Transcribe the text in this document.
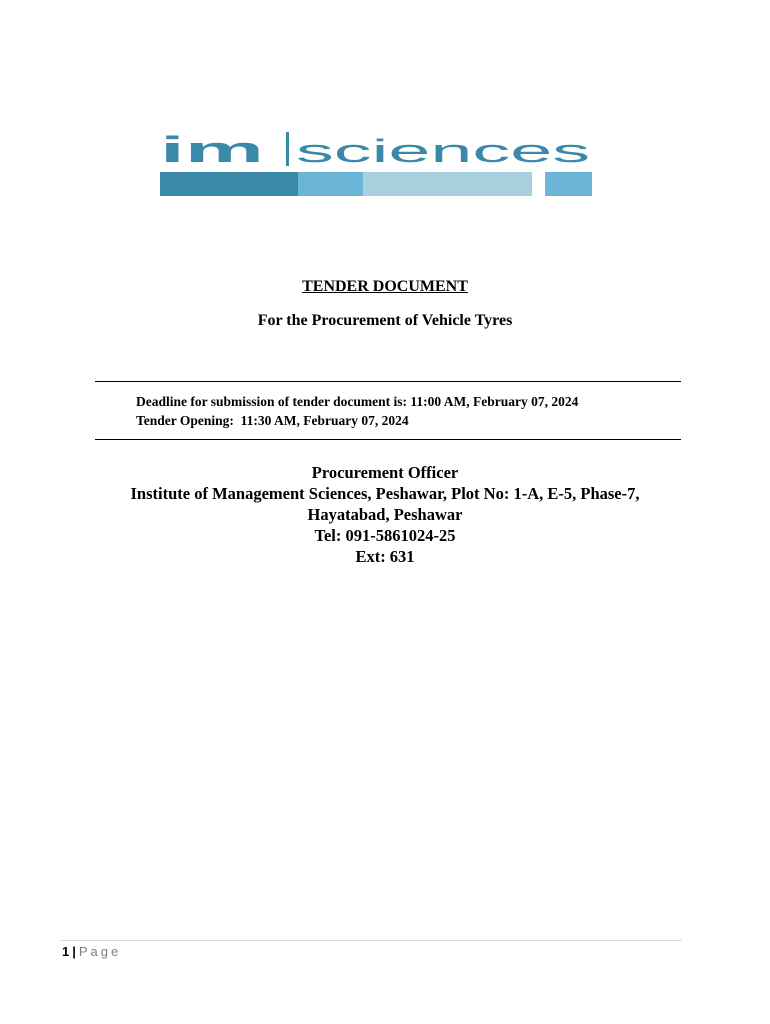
im sciences
TENDER DOCUMENT
For the Procurement of Vehicle Tyres
Deadline for submission of tender document is: 11:00 AM, February 07, 2024
Tender Opening:  11:30 AM, February 07, 2024
Procurement Officer
Institute of Management Sciences, Peshawar, Plot No: 1-A, E-5, Phase-7,
Hayatabad, Peshawar
Tel: 091-5861024-25
Ext: 631
1 | Page
